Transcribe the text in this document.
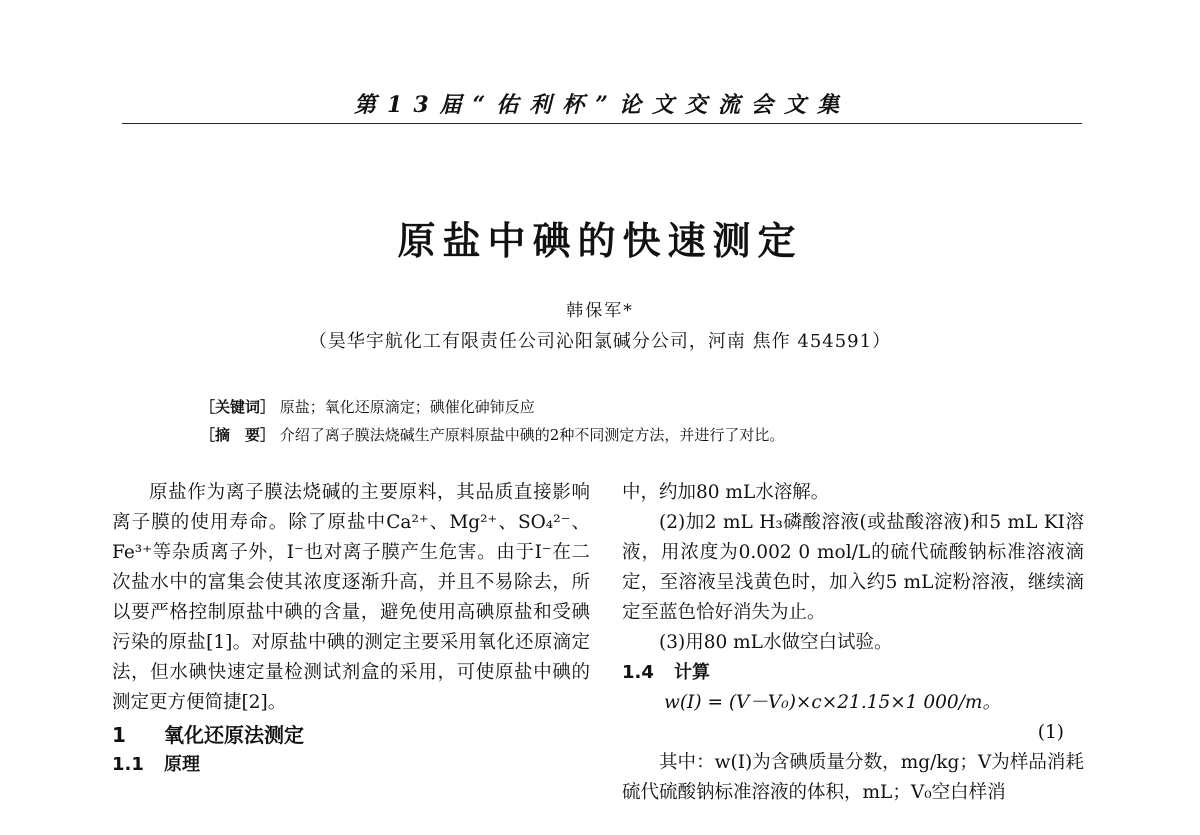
第13届“佑利杯”论文交流会文集
原盐中碘的快速测定
韩保军*
（昊华宇航化工有限责任公司沁阳氯碱分公司，河南 焦作 454591）
［关键词］ 原盐；氧化还原滴定；碘催化砷铈反应
［摘　要］ 介绍了离子膜法烧碱生产原料原盐中碘的2种不同测定方法，并进行了对比。

原盐作为离子膜法烧碱的主要原料，其品质直接影响离子膜的使用寿命。除了原盐中Ca²⁺、Mg²⁺、SO₄²⁻、Fe³⁺等杂质离子外，I⁻也对离子膜产生危害。由于I⁻在二次盐水中的富集会使其浓度逐渐升高，并且不易除去，所以要严格控制原盐中碘的含量，避免使用高碘原盐和受碘污染的原盐[1]。对原盐中碘的测定主要采用氧化还原滴定法，但水碘快速定量检测试剂盒的采用，可使原盐中碘的测定更方便简捷[2]。

1 氧化还原法测定
1.1 原理

中，约加80 mL水溶解。

(2)加2 mL H₃磷酸溶液(或盐酸溶液)和5 mL KI溶液，用浓度为0.002 0 mol/L的硫代硫酸钠标准溶液滴定，至溶液呈浅黄色时，加入约5 mL淀粉溶液，继续滴定至蓝色恰好消失为止。

(3)用80 mL水做空白试验。

1.4 计算

w(I) = (V－V₀)×c×21.15×1 000/m。

(1)

其中：w(I)为含碘质量分数，mg/kg；V为样品消耗硫代硫酸钠标准溶液的体积，mL；V₀空白样消
